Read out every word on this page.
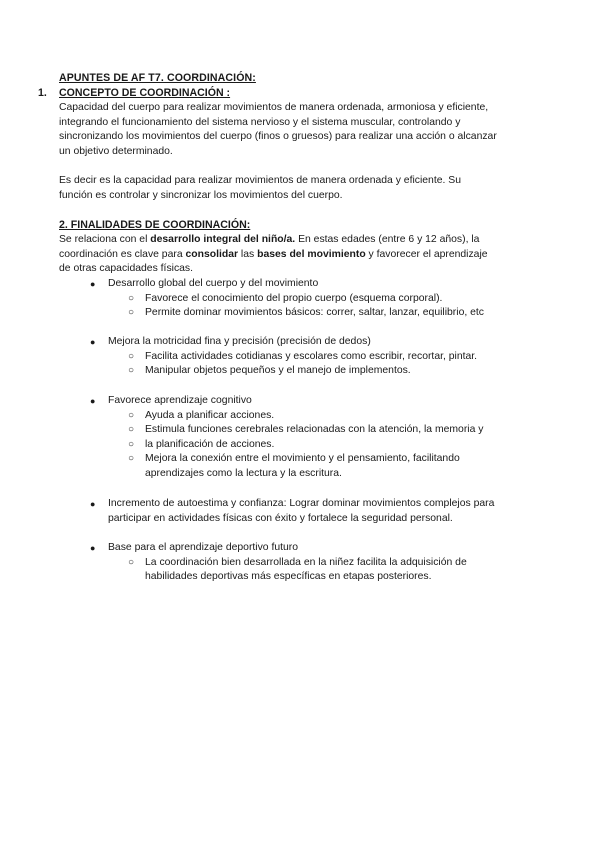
APUNTES DE AF T7. COORDINACIÓN:
1. CONCEPTO DE COORDINACIÓN :
Capacidad del cuerpo para realizar movimientos de manera ordenada, armoniosa y eficiente,
integrando el funcionamiento del sistema nervioso y el sistema muscular, controlando y
sincronizando los movimientos del cuerpo (finos o gruesos) para realizar una acción o alcanzar
un objetivo determinado.
Es decir es la capacidad para realizar movimientos de manera ordenada y eficiente. Su
función es controlar y sincronizar los movimientos del cuerpo.
2. FINALIDADES DE COORDINACIÓN:
Se relaciona con el desarrollo integral del niño/a. En estas edades (entre 6 y 12 años), la
coordinación es clave para consolidar las bases del movimiento y favorecer el aprendizaje
de otras capacidades físicas.
● Desarrollo global del cuerpo y del movimiento
○ Favorece el conocimiento del propio cuerpo (esquema corporal).
○ Permite dominar movimientos básicos: correr, saltar, lanzar, equilibrio, etc
● Mejora la motricidad fina y precisión (precisión de dedos)
○ Facilita actividades cotidianas y escolares como escribir, recortar, pintar.
○ Manipular objetos pequeños y el manejo de implementos.
● Favorece aprendizaje cognitivo
○ Ayuda a planificar acciones.
○ Estimula funciones cerebrales relacionadas con la atención, la memoria y
○ la planificación de acciones.
○ Mejora la conexión entre el movimiento y el pensamiento, facilitando aprendizajes como la lectura y la escritura.
● Incremento de autoestima y confianza: Lograr dominar movimientos complejos para participar en actividades físicas con éxito y fortalece la seguridad personal.
● Base para el aprendizaje deportivo futuro
○ La coordinación bien desarrollada en la niñez facilita la adquisición de habilidades deportivas más específicas en etapas posteriores.
